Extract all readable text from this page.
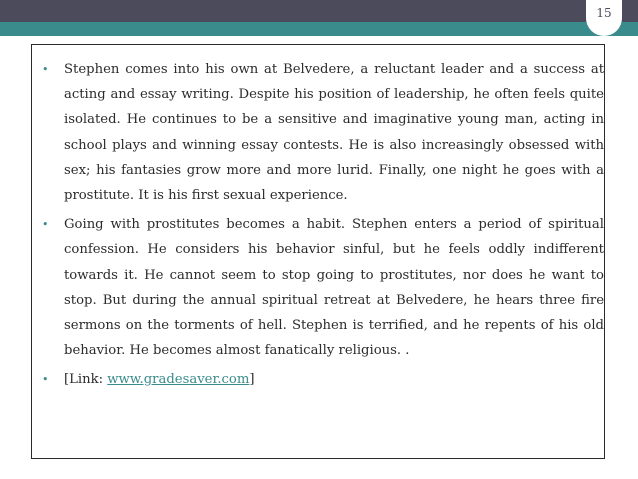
15
• Stephen comes into his own at Belvedere, a reluctant leader and a success at acting and essay writing. Despite his position of leadership, he often feels quite isolated. He continues to be a sensitive and imaginative young man, acting in school plays and winning essay contests. He is also increasingly obsessed with sex; his fantasies grow more and more lurid. Finally, one night he goes with a prostitute. It is his first sexual experience.
• Going with prostitutes becomes a habit. Stephen enters a period of spiritual confession. He considers his behavior sinful, but he feels oddly indifferent towards it. He cannot seem to stop going to prostitutes, nor does he want to stop. But during the annual spiritual retreat at Belvedere, he hears three fire sermons on the torments of hell. Stephen is terrified, and he repents of his old behavior. He becomes almost fanatically religious. .
• [Link: www.gradesaver.com]
